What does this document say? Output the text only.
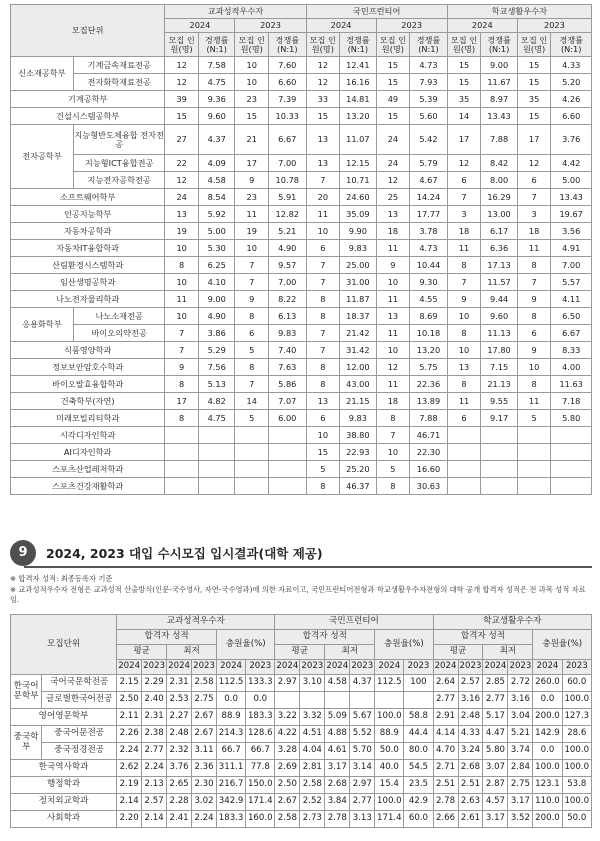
모집단위		교과성적우수자				국민프런티어				학교생활우수자			
		2024		2023		2024		2023		2024		2023	
		모집 인원(명)	경쟁률 (N:1)	모집 인원(명)	경쟁률 (N:1)	모집 인원(명)	경쟁률 (N:1)	모집 인원(명)	경쟁률 (N:1)	모집 인원(명)	경쟁률 (N:1)	모집 인원(명)	경쟁률 (N:1)
신소재공학부	기계금속재료전공	12	7.58	10	7.60	12	12.41	15	4.73	15	9.00	15	4.33
	전자화학재료전공	12	4.75	10	6.60	12	16.16	15	7.93	15	11.67	15	5.20
기계공학부		39	9.36	23	7.39	33	14.81	49	5.39	35	8.97	35	4.26
건설시스템공학부		15	9.60	15	10.33	15	13.20	15	5.60	14	13.43	15	6.60
전자공학부	지능형반도체융합 전자전공	27	4.37	21	6.67	13	11.07	24	5.42	17	7.88	17	3.76
	지능형ICT융합전공	22	4.09	17	7.00	13	12.15	24	5.79	12	8.42	12	4.42
	지능전자공학전공	12	4.58	9	10.78	7	10.71	12	4.67	6	8.00	6	5.00
소프트웨어학부		24	8.54	23	5.91	20	24.60	25	14.24	7	16.29	7	13.43
인공지능학부		13	5.92	11	12.82	11	35.09	13	17.77	3	13.00	3	19.67
자동차공학과		19	5.00	19	5.21	10	9.90	18	3.78	18	6.17	18	3.56
자동차IT융합학과		10	5.30	10	4.90	6	9.83	11	4.73	11	6.36	11	4.91
산림환경시스템학과		8	6.25	7	9.57	7	25.00	9	10.44	8	17.13	8	7.00
임산생명공학과		10	4.10	7	7.00	7	31.00	10	9.30	7	11.57	7	5.57
나노전자물리학과		11	9.00	9	8.22	8	11.87	11	4.55	9	9.44	9	4.11
응용화학부	나노소재전공	10	4.90	8	6.13	8	18.37	13	8.69	10	9.60	8	6.50
	바이오의약전공	7	3.86	6	9.83	7	21.42	11	10.18	8	11.13	6	6.67
식품영양학과		7	5.29	5	7.40	7	31.42	10	13.20	10	17.80	9	8.33
정보보안암호수학과		9	7.56	8	7.63	8	12.00	12	5.75	13	7.15	10	4.00
바이오발효융합학과		8	5.13	7	5.86	8	43.00	11	22.36	8	21.13	8	11.63
건축학부(자연)		17	4.82	14	7.07	13	21.15	18	13.89	11	9.55	11	7.18
미래모빌리티학과		8	4.75	5	6.00	6	9.83	8	7.88	6	9.17	5	5.80
시각디자인학과						10	38.80	7	46.71				
AI디자인학과						15	22.93	10	22.30				
스포츠산업레저학과						5	25.20	5	16.60				
스포츠건강재활학과						8	46.37	8	30.63				
9	2024, 2023 대입 수시모집 입시결과(대학 제공)
※ 합격자 성적: 최종등록자 기준
※ 교과성적우수자 전형은 교과성적 산출방식(인문-국수영사, 자연-국수영과)에 의한 자료이고, 국민프런티어전형과 학교생활우수자전형의 대학 공개 합격자 성적은 전 과목 성적 자료임.
모집단위		교과성적우수자						국민프런티어						학교생활우수자					
		합격자 성적				충원율(%)		합격자 성적				충원율(%)		합격자 성적				충원율(%)	
		평균		최저				평균		최저				평균		최저			
		2024	2023	2024	2023	2024	2023	2024	2023	2024	2023	2024	2023	2024	2023	2024	2023	2024	2023
한국어 문학부	국어국문학전공	2.15	2.29	2.31	2.58	112.5	133.3	2.97	3.10	4.58	4.37	112.5	100	2.64	2.57	2.85	2.72	260.0	60.0
	글로벌한국어전공	2.50	2.40	2.53	2.75	0.0	0.0							2.77	3.16	2.77	3.16	0.0	100.0
영어영문학부		2.11	2.31	2.27	2.67	88.9	183.3	3.22	3.32	5.09	5.67	100.0	58.8	2.91	2.48	5.17	3.04	200.0	127.3
중국학부	중국어문전공	2.26	2.38	2.48	2.67	214.3	128.6	4.22	4.51	4.88	5.52	88.9	44.4	4.14	4.33	4.47	5.21	142.9	28.6
	중국정경전공	2.24	2.77	2.32	3.11	66.7	66.7	3.28	4.04	4.61	5.70	50.0	80.0	4.70	3.24	5.80	3.74	0.0	100.0
한국역사학과		2.62	2.24	3.76	2.36	311.1	77.8	2.69	2.81	3.17	3.14	40.0	54.5	2.71	2.68	3.07	2.84	100.0	100.0
행정학과		2.19	2.13	2.65	2.30	216.7	150.0	2.50	2.58	2.68	2.97	15.4	23.5	2.51	2.51	2.87	2.75	123.1	53.8
정치외교학과		2.14	2.57	2.28	3.02	342.9	171.4	2.67	2.52	3.84	2.77	100.0	42.9	2.78	2.63	4.57	3.17	110.0	100.0
사회학과		2.20	2.14	2.41	2.24	183.3	160.0	2.58	2.73	2.78	3.13	171.4	60.0	2.66	2.61	3.17	3.52	200.0	50.0
